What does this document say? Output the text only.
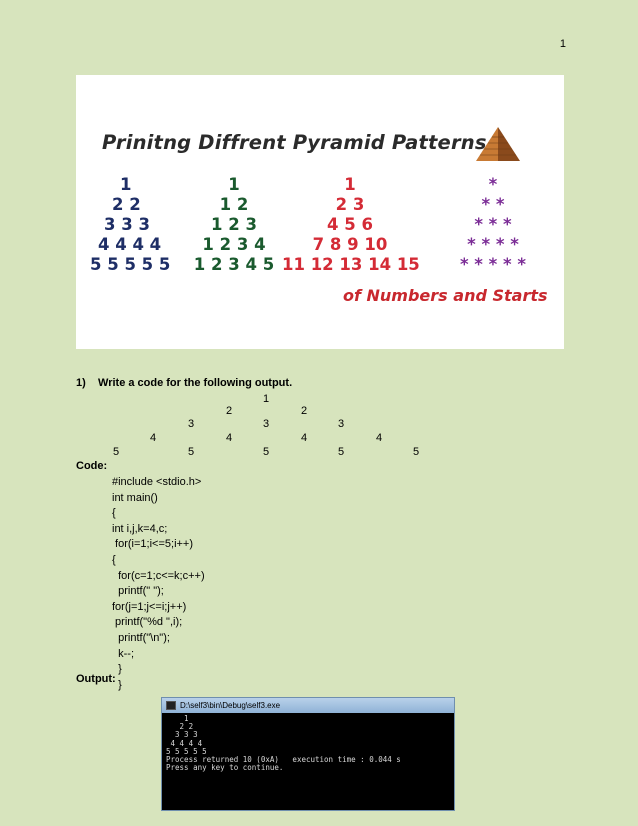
1
Prinitng Diffrent Pyramid Patterns
1
2 2
3 3 3
4 4 4 4
5 5 5 5 5
1
1 2
1 2 3
1 2 3 4
1 2 3 4 5
1
2 3
4 5 6
7 8 9 10
11 12 13 14 15
*
* *
* * *
* * * *
* * * * *
of Numbers and Starts
1)    Write a code for the following output.
1
2	2
3	3	3
4	4	4	4
5	5	5	5	5
Code:
#include <stdio.h>
int main()
{
int i,j,k=4,c;
for(i=1;i<=5;i++)
{
for(c=1;c<=k;c++)
printf(" ");
for(j=1;j<=i;j++)
printf("%d ",i);
printf("\n");
k--;
}
}
Output:
D:\self3\bin\Debug\self3.exe
1
2 2
3 3 3
4 4 4 4
5 5 5 5 5
Process returned 10 (0xA)   execution time : 0.044 s
Press any key to continue.
